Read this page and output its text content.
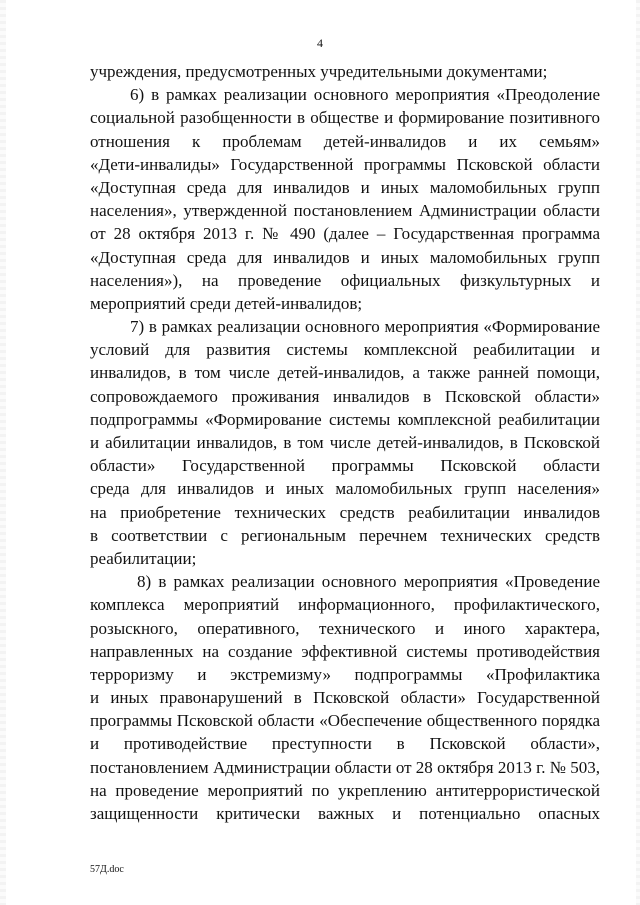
4
учреждения, предусмотренных учредительными документами;
6) в рамках реализации основного мероприятия «Преодоление
социальной разобщенности в обществе и формирование позитивного
отношения к проблемам детей-инвалидов и их семьям»
«Дети-инвалиды» Государственной программы Псковской области
«Доступная среда для инвалидов и иных маломобильных групп
населения», утвержденной постановлением Администрации области
от 28 октября 2013 г. № 490 (далее – Государственная программа
«Доступная среда для инвалидов и иных маломобильных групп
населения»), на проведение официальных физкультурных и
мероприятий среди детей-инвалидов;
7) в рамках реализации основного мероприятия «Формирование
условий для развития системы комплексной реабилитации и
инвалидов, в том числе детей-инвалидов, а также ранней помощи,
сопровождаемого проживания инвалидов в Псковской области»
подпрограммы «Формирование системы комплексной реабилитации
и абилитации инвалидов, в том числе детей-инвалидов, в Псковской
области» Государственной программы Псковской области
среда для инвалидов и иных маломобильных групп населения»
на приобретение технических средств реабилитации инвалидов
в соответствии с региональным перечнем технических средств
реабилитации;
8) в рамках реализации основного мероприятия «Проведение
комплекса мероприятий информационного, профилактического,
розыскного, оперативного, технического и иного характера,
направленных на создание эффективной системы противодействия
терроризму и экстремизму» подпрограммы «Профилактика
и иных правонарушений в Псковской области» Государственной
программы Псковской области «Обеспечение общественного порядка
и противодействие преступности в Псковской области»,
постановлением Администрации области от 28 октября 2013 г. № 503,
на проведение мероприятий по укреплению антитеррористической
защищенности критически важных и потенциально опасных
57Д.doc
